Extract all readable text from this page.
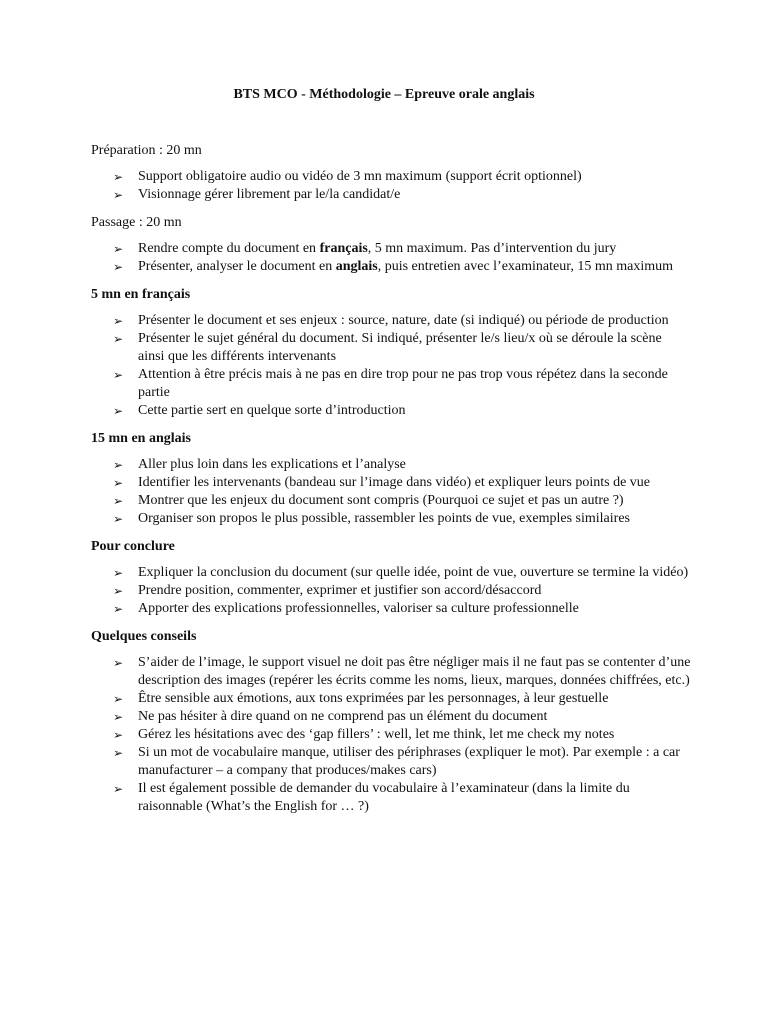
BTS MCO - Méthodologie – Epreuve orale anglais
Préparation : 20 mn
➢ Support obligatoire audio ou vidéo de 3 mn maximum (support écrit optionnel)
➢ Visionnage gérer librement par le/la candidat/e
Passage : 20 mn
➢ Rendre compte du document en français, 5 mn maximum. Pas d’intervention du jury
➢ Présenter, analyser le document en anglais, puis entretien avec l’examinateur, 15 mn maximum
5 mn en français
➢ Présenter le document et ses enjeux : source, nature, date (si indiqué) ou période de production
➢ Présenter le sujet général du document. Si indiqué, présenter le/s lieu/x où se déroule la scène ainsi que les différents intervenants
➢ Attention à être précis mais à ne pas en dire trop pour ne pas trop vous répétez dans la seconde partie
➢ Cette partie sert en quelque sorte d’introduction
15 mn en anglais
➢ Aller plus loin dans les explications et l’analyse
➢ Identifier les intervenants (bandeau sur l’image dans vidéo) et expliquer leurs points de vue
➢ Montrer que les enjeux du document sont compris (Pourquoi ce sujet et pas un autre ?)
➢ Organiser son propos le plus possible, rassembler les points de vue, exemples similaires
Pour conclure
➢ Expliquer la conclusion du document (sur quelle idée, point de vue, ouverture se termine la vidéo)
➢ Prendre position, commenter, exprimer et justifier son accord/désaccord
➢ Apporter des explications professionnelles, valoriser sa culture professionnelle
Quelques conseils
➢ S’aider de l’image, le support visuel ne doit pas être négliger mais il ne faut pas se contenter d’une description des images (repérer les écrits comme les noms, lieux, marques, données chiffrées, etc.)
➢ Être sensible aux émotions, aux tons exprimées par les personnages, à leur gestuelle
➢ Ne pas hésiter à dire quand on ne comprend pas un élément du document
➢ Gérez les hésitations avec des ‘gap fillers’ : well, let me think, let me check my notes
➢ Si un mot de vocabulaire manque, utiliser des périphrases (expliquer le mot). Par exemple : a car manufacturer – a company that produces/makes cars)
➢ Il est également possible de demander du vocabulaire à l’examinateur (dans la limite du raisonnable (What’s the English for … ?)
